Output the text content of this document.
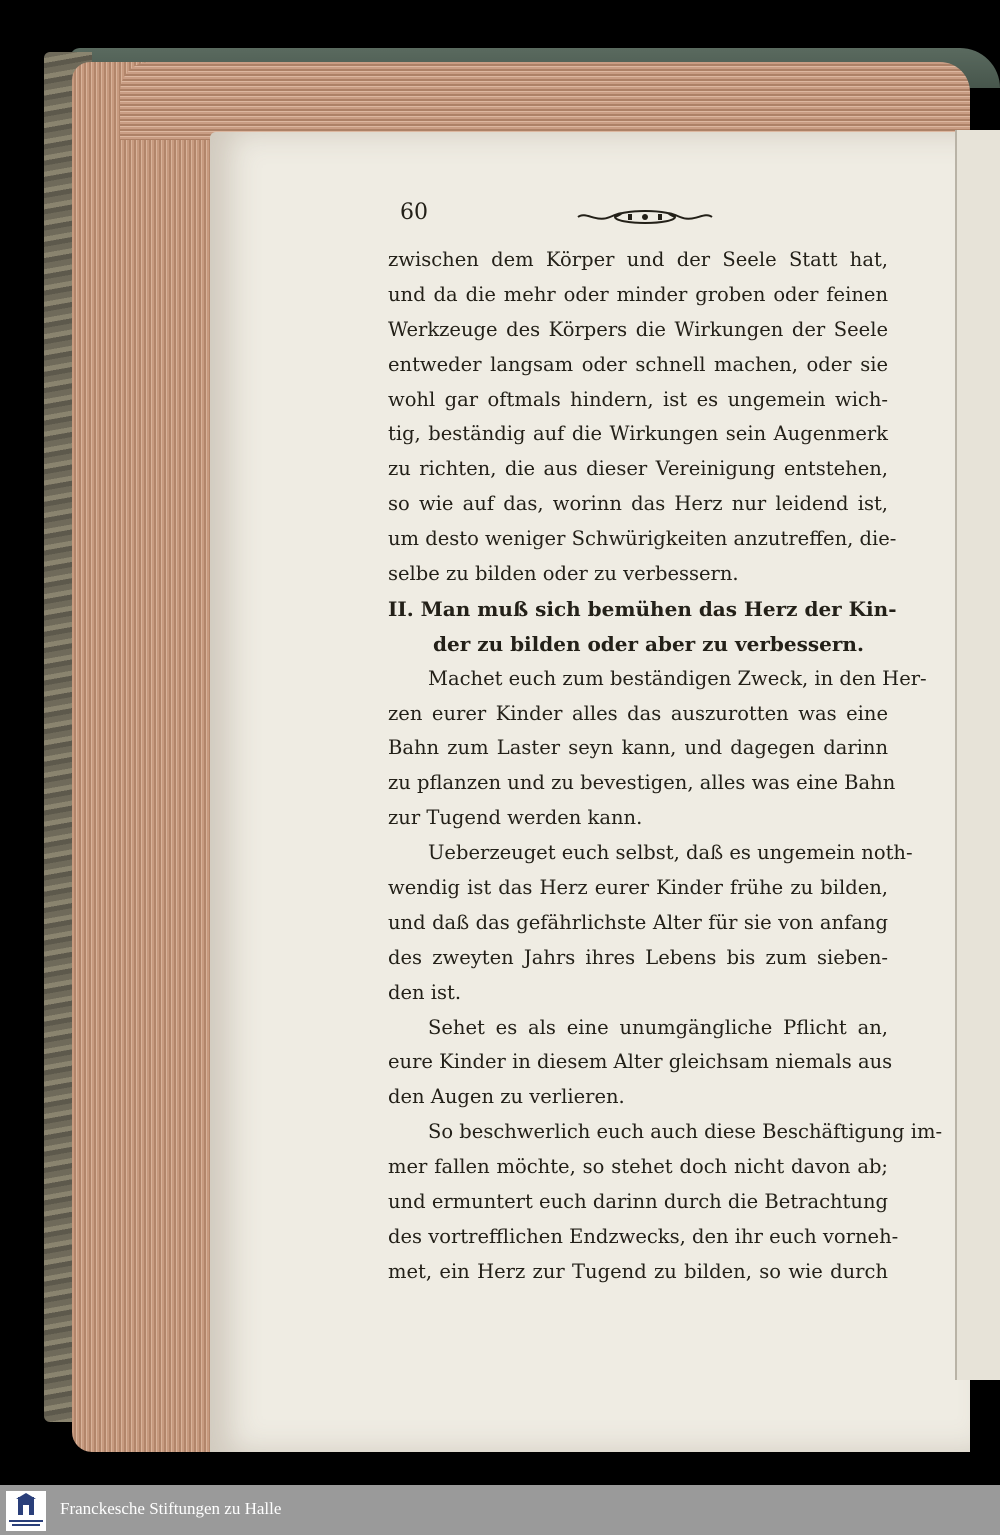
60
zwischen dem Körper und der Seele Statt hat,
und da die mehr oder minder groben oder feinen
Werkzeuge des Körpers die Wirkungen der Seele
entweder langsam oder schnell machen, oder sie
wohl gar oftmals hindern, ist es ungemein wich-
tig, beständig auf die Wirkungen sein Augenmerk
zu richten, die aus dieser Vereinigung entstehen,
so wie auf das, worinn das Herz nur leidend ist,
um desto weniger Schwürigkeiten anzutreffen, die-
selbe zu bilden oder zu verbessern.
II. Man muß sich bemühen das Herz der Kin-
der zu bilden oder aber zu verbessern.
Machet euch zum beständigen Zweck, in den Her-
zen eurer Kinder alles das auszurotten was eine
Bahn zum Laster seyn kann, und dagegen darinn
zu pflanzen und zu bevestigen, alles was eine Bahn
zur Tugend werden kann.
Ueberzeuget euch selbst, daß es ungemein noth-
wendig ist das Herz eurer Kinder frühe zu bilden,
und daß das gefährlichste Alter für sie von anfang
des zweyten Jahrs ihres Lebens bis zum sieben-
den ist.
Sehet es als eine unumgängliche Pflicht an,
eure Kinder in diesem Alter gleichsam niemals aus
den Augen zu verlieren.
So beschwerlich euch auch diese Beschäftigung im-
mer fallen möchte, so stehet doch nicht davon ab;
und ermuntert euch darinn durch die Betrachtung
des vortrefflichen Endzwecks, den ihr euch vorneh-
met, ein Herz zur Tugend zu bilden, so wie durch
Franckesche Stiftungen zu Halle
